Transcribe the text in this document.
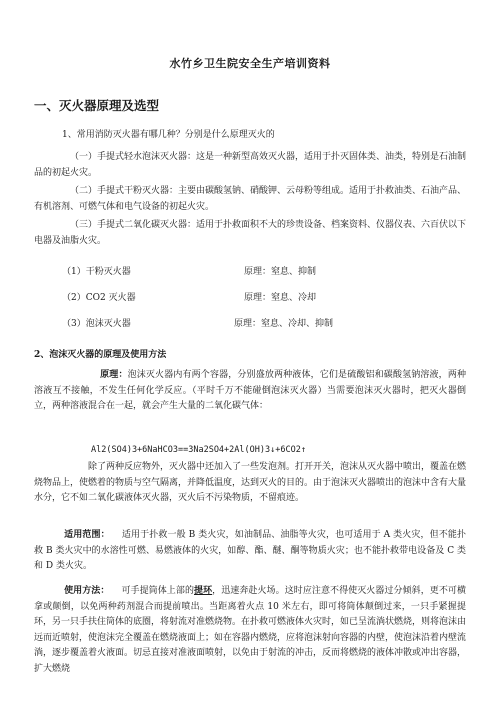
水竹乡卫生院安全生产培训资料
一、灭火器原理及选型
1、常用消防灭火器有哪几种？分别是什么原理灭火的
（一）手提式轻水泡沫灭火器：这是一种新型高效灭火器，适用于扑灭固体类、油类，特别是石油制品的初起火灾。
（二）手提式干粉灭火器：主要由碳酸氢钠、硝酸钾、云母粉等组成。适用于扑救油类、石油产品、有机溶剂、可燃气体和电气设备的初起火灾。
（三）手提式二氧化碳灭火器：适用于扑救面积不大的珍贵设备、档案资料、仪器仪表、六百伏以下电器及油脂火灾。
（1）干粉灭火器	原理：窒息、抑制
（2）CO2 灭火器	原理：窒息、冷却
（3）泡沫灭火器	原理：窒息、冷却、抑制
2、泡沫灭火器的原理及使用方法
原理：泡沫灭火器内有两个容器，分别盛放两种液体，它们是硫酸铝和碳酸氢钠溶液，两种溶液互不接触，不发生任何化学反应。（平时千万不能碰倒泡沫灭火器）当需要泡沫灭火器时，把灭火器倒立，两种溶液混合在一起，就会产生大量的二氧化碳气体：
Al2(SO4)3+6NaHCO3==3Na2SO4+2Al(OH)3↓+6CO2↑
除了两种反应物外，灭火器中还加入了一些发泡剂。打开开关，泡沫从灭火器中喷出，覆盖在燃烧物品上，使燃着的物质与空气隔离，并降低温度，达到灭火的目的。由于泡沫灭火器喷出的泡沫中含有大量水分，它不如二氧化碳液体灭火器，灭火后不污染物质，不留痕迹。
适用范围： 适用于扑救一般 B 类火灾，如油制品、油脂等火灾，也可适用于 A 类火灾，但不能扑救 B 类火灾中的水溶性可燃、易燃液体的火灾，如醇、酯、醚、酮等物质火灾；也不能扑救带电设备及 C 类和 D 类火灾。
使用方法： 可手提筒体上部的提环，迅速奔赴火场。这时应注意不得使灭火器过分倾斜，更不可横拿或颠倒，以免两种药剂混合而提前喷出。当距离着火点 10 米左右，即可将筒体颠倒过来，一只手紧握提环，另一只手扶住筒体的底圈，将射流对准燃烧物。在扑救可燃液体火灾时，如已呈流淌状燃烧，则将泡沫由远而近喷射，使泡沫完全覆盖在燃烧液面上；如在容器内燃烧，应将泡沫射向容器的内壁，使泡沫沿着内壁流淌，逐步覆盖着火液面。切忌直接对准液面喷射，以免由于射流的冲击，反而将燃烧的液体冲散或冲出容器，扩大燃烧
